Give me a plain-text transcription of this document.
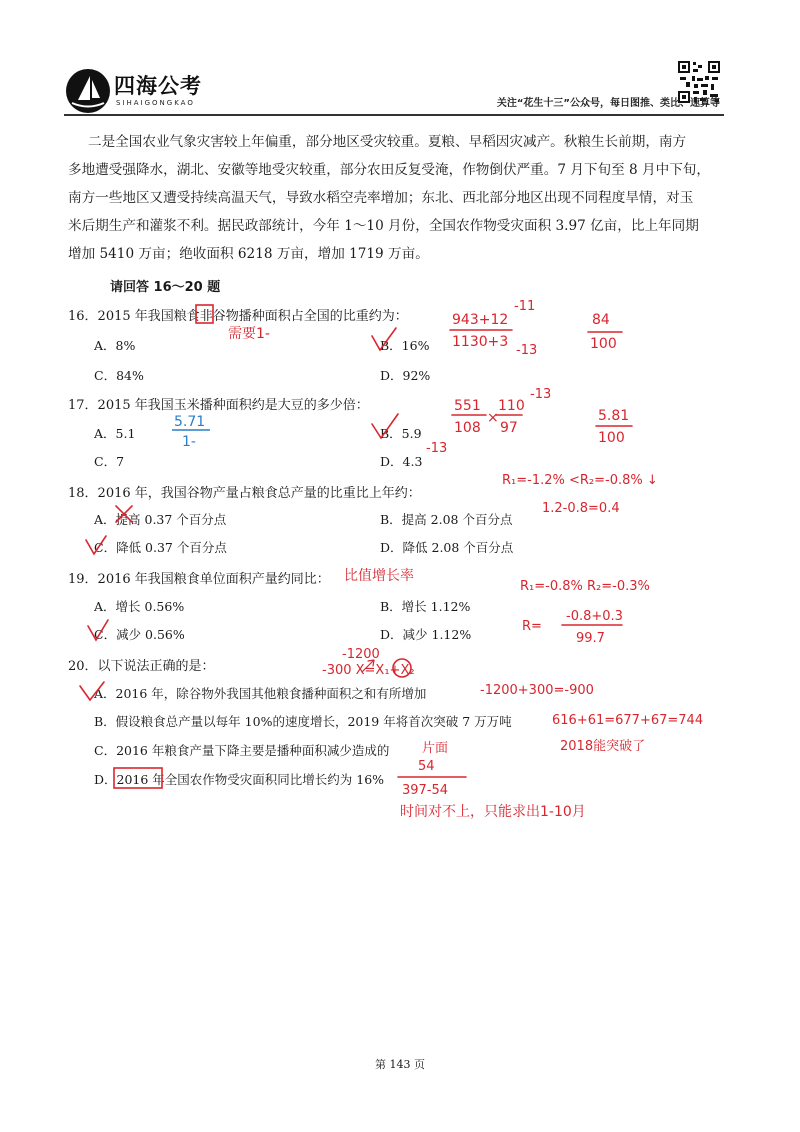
四海公考
SIHAIGONGKAO	关注“花生十三”公众号，每日图推、类比、速算等
二是全国农业气象灾害较上年偏重，部分地区受灾较重。夏粮、早稻因灾减产。秋粮生长前期，南方
多地遭受强降水，湖北、安徽等地受灾较重，部分农田反复受淹，作物倒伏严重。7 月下旬至 8 月中下旬，
南方一些地区又遭受持续高温天气，导致水稻空壳率增加；东北、西北部分地区出现不同程度旱情，对玉
米后期生产和灌浆不利。据民政部统计，今年 1～10 月份，全国农作物受灾面积 3.97 亿亩，比上年同期
增加 5410 万亩；绝收面积 6218 万亩，增加 1719 万亩。
请回答 16～20 题
16．2015 年我国粮食非谷物播种面积占全国的比重约为：
A．8%	B．16%
C．84%	D．92%
17．2015 年我国玉米播种面积约是大豆的多少倍：
A．5.1	B．5.9
C．7	D．4.3
18．2016 年，我国谷物产量占粮食总产量的比重比上年约：
A．提高 0.37 个百分点	B．提高 2.08 个百分点
C．降低 0.37 个百分点	D．降低 2.08 个百分点
19．2016 年我国粮食单位面积产量约同比：
A．增长 0.56%	B．增长 1.12%
C．减少 0.56%	D．减少 1.12%
20．以下说法正确的是：
A．2016 年，除谷物外我国其他粮食播种面积之和有所增加
B．假设粮食总产量以每年 10%的速度增长，2019 年将首次突破 7 万万吨
C．2016 年粮食产量下降主要是播种面积减少造成的
D．2016 年全国农作物受灾面积同比增长约为 16%
第 143 页
需要1-
943+12
-11
1130+3
-13
84
100
551
108
×
110
97
-13
-13
5.81
100
R₁=-1.2% <R₂=-0.8% ↓
1.2-0.8=0.4
比值增长率
R₁=-0.8% R₂=-0.3%
R=
-0.8+0.3
99.7
-1200
-300 X=X₁+X₂
-1200+300=-900
616+61=677+67=744
2018能突破了
片面
54
397-54
时间对不上，只能求出1-10月
5.71
1-
